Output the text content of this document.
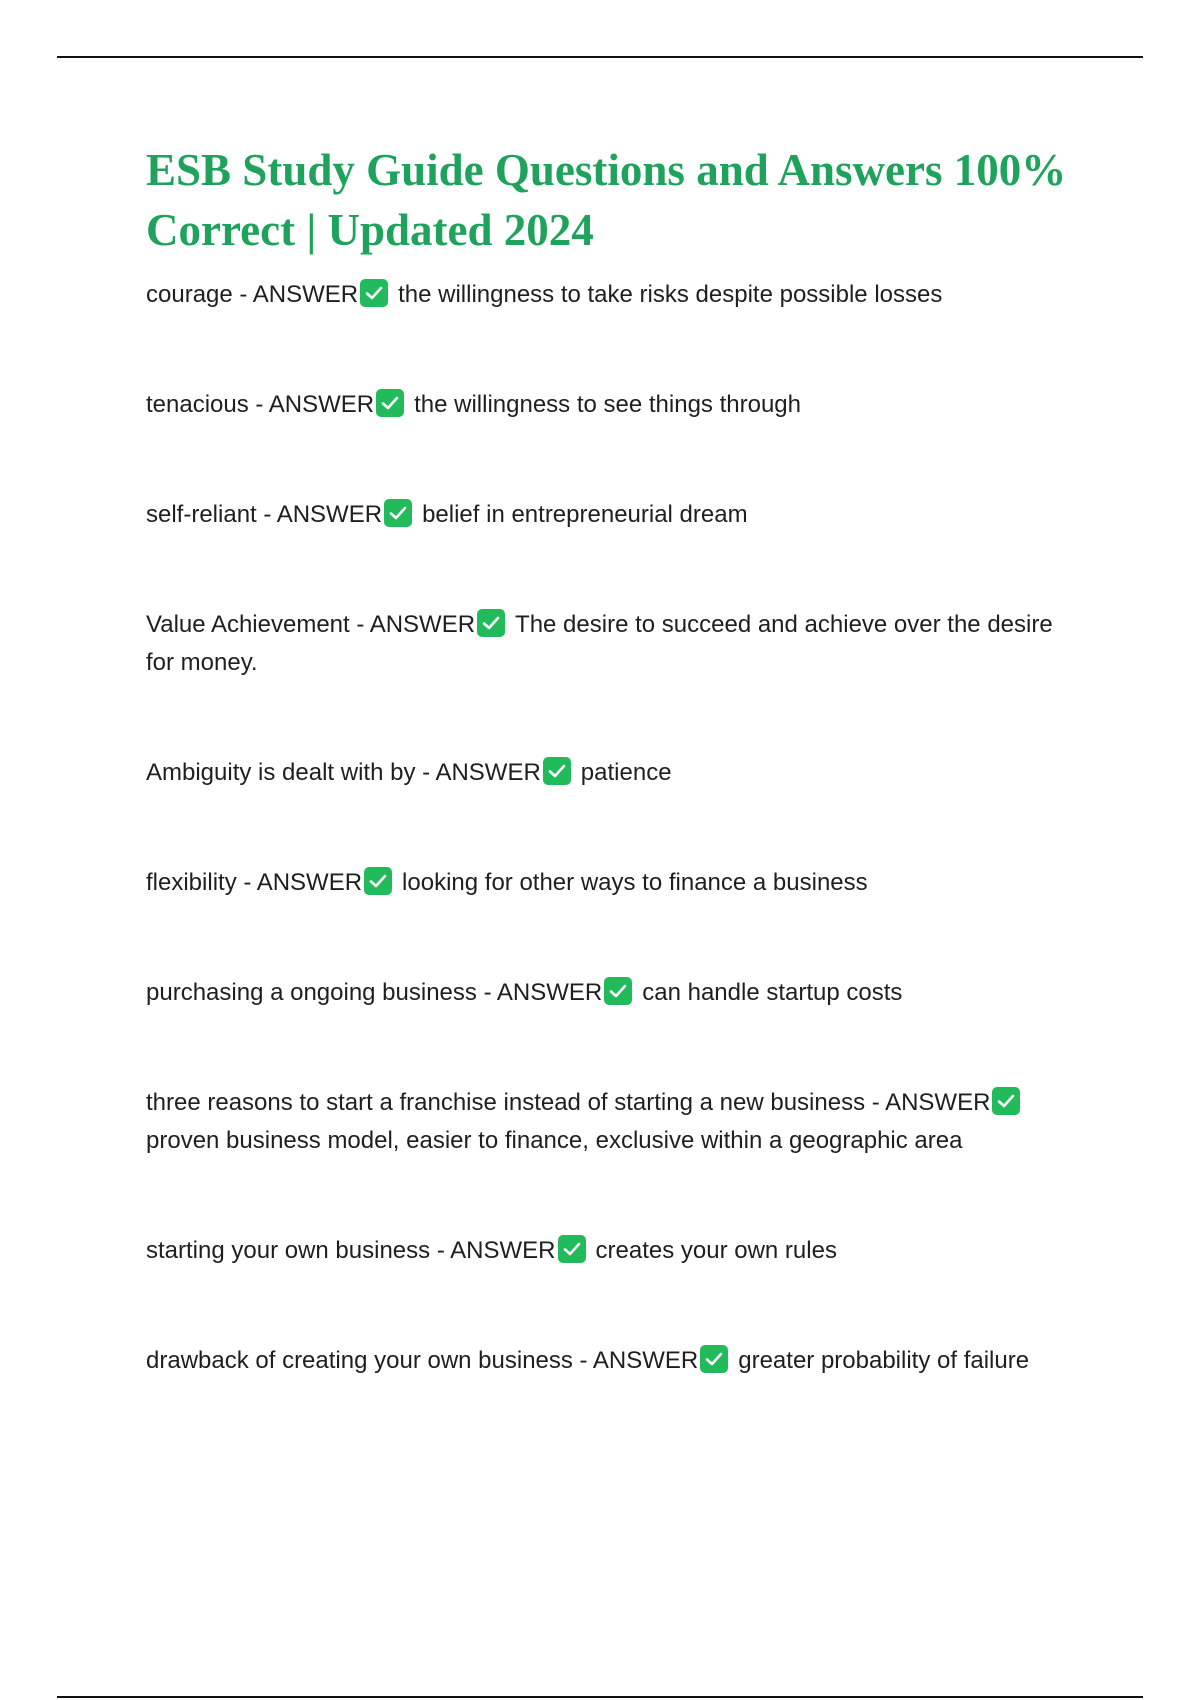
ESB Study Guide Questions and Answers 100% Correct | Updated 2024

courage - ANSWER the willingness to take risks despite possible losses

tenacious - ANSWER the willingness to see things through

self-reliant - ANSWER belief in entrepreneurial dream

Value Achievement - ANSWER The desire to succeed and achieve over the desire for money.

Ambiguity is dealt with by - ANSWER patience

flexibility - ANSWER looking for other ways to finance a business

purchasing a ongoing business - ANSWER can handle startup costs

three reasons to start a franchise instead of starting a new business - ANSWER
proven business model, easier to finance, exclusive within a geographic area

starting your own business - ANSWER creates your own rules

drawback of creating your own business - ANSWER greater probability of failure
